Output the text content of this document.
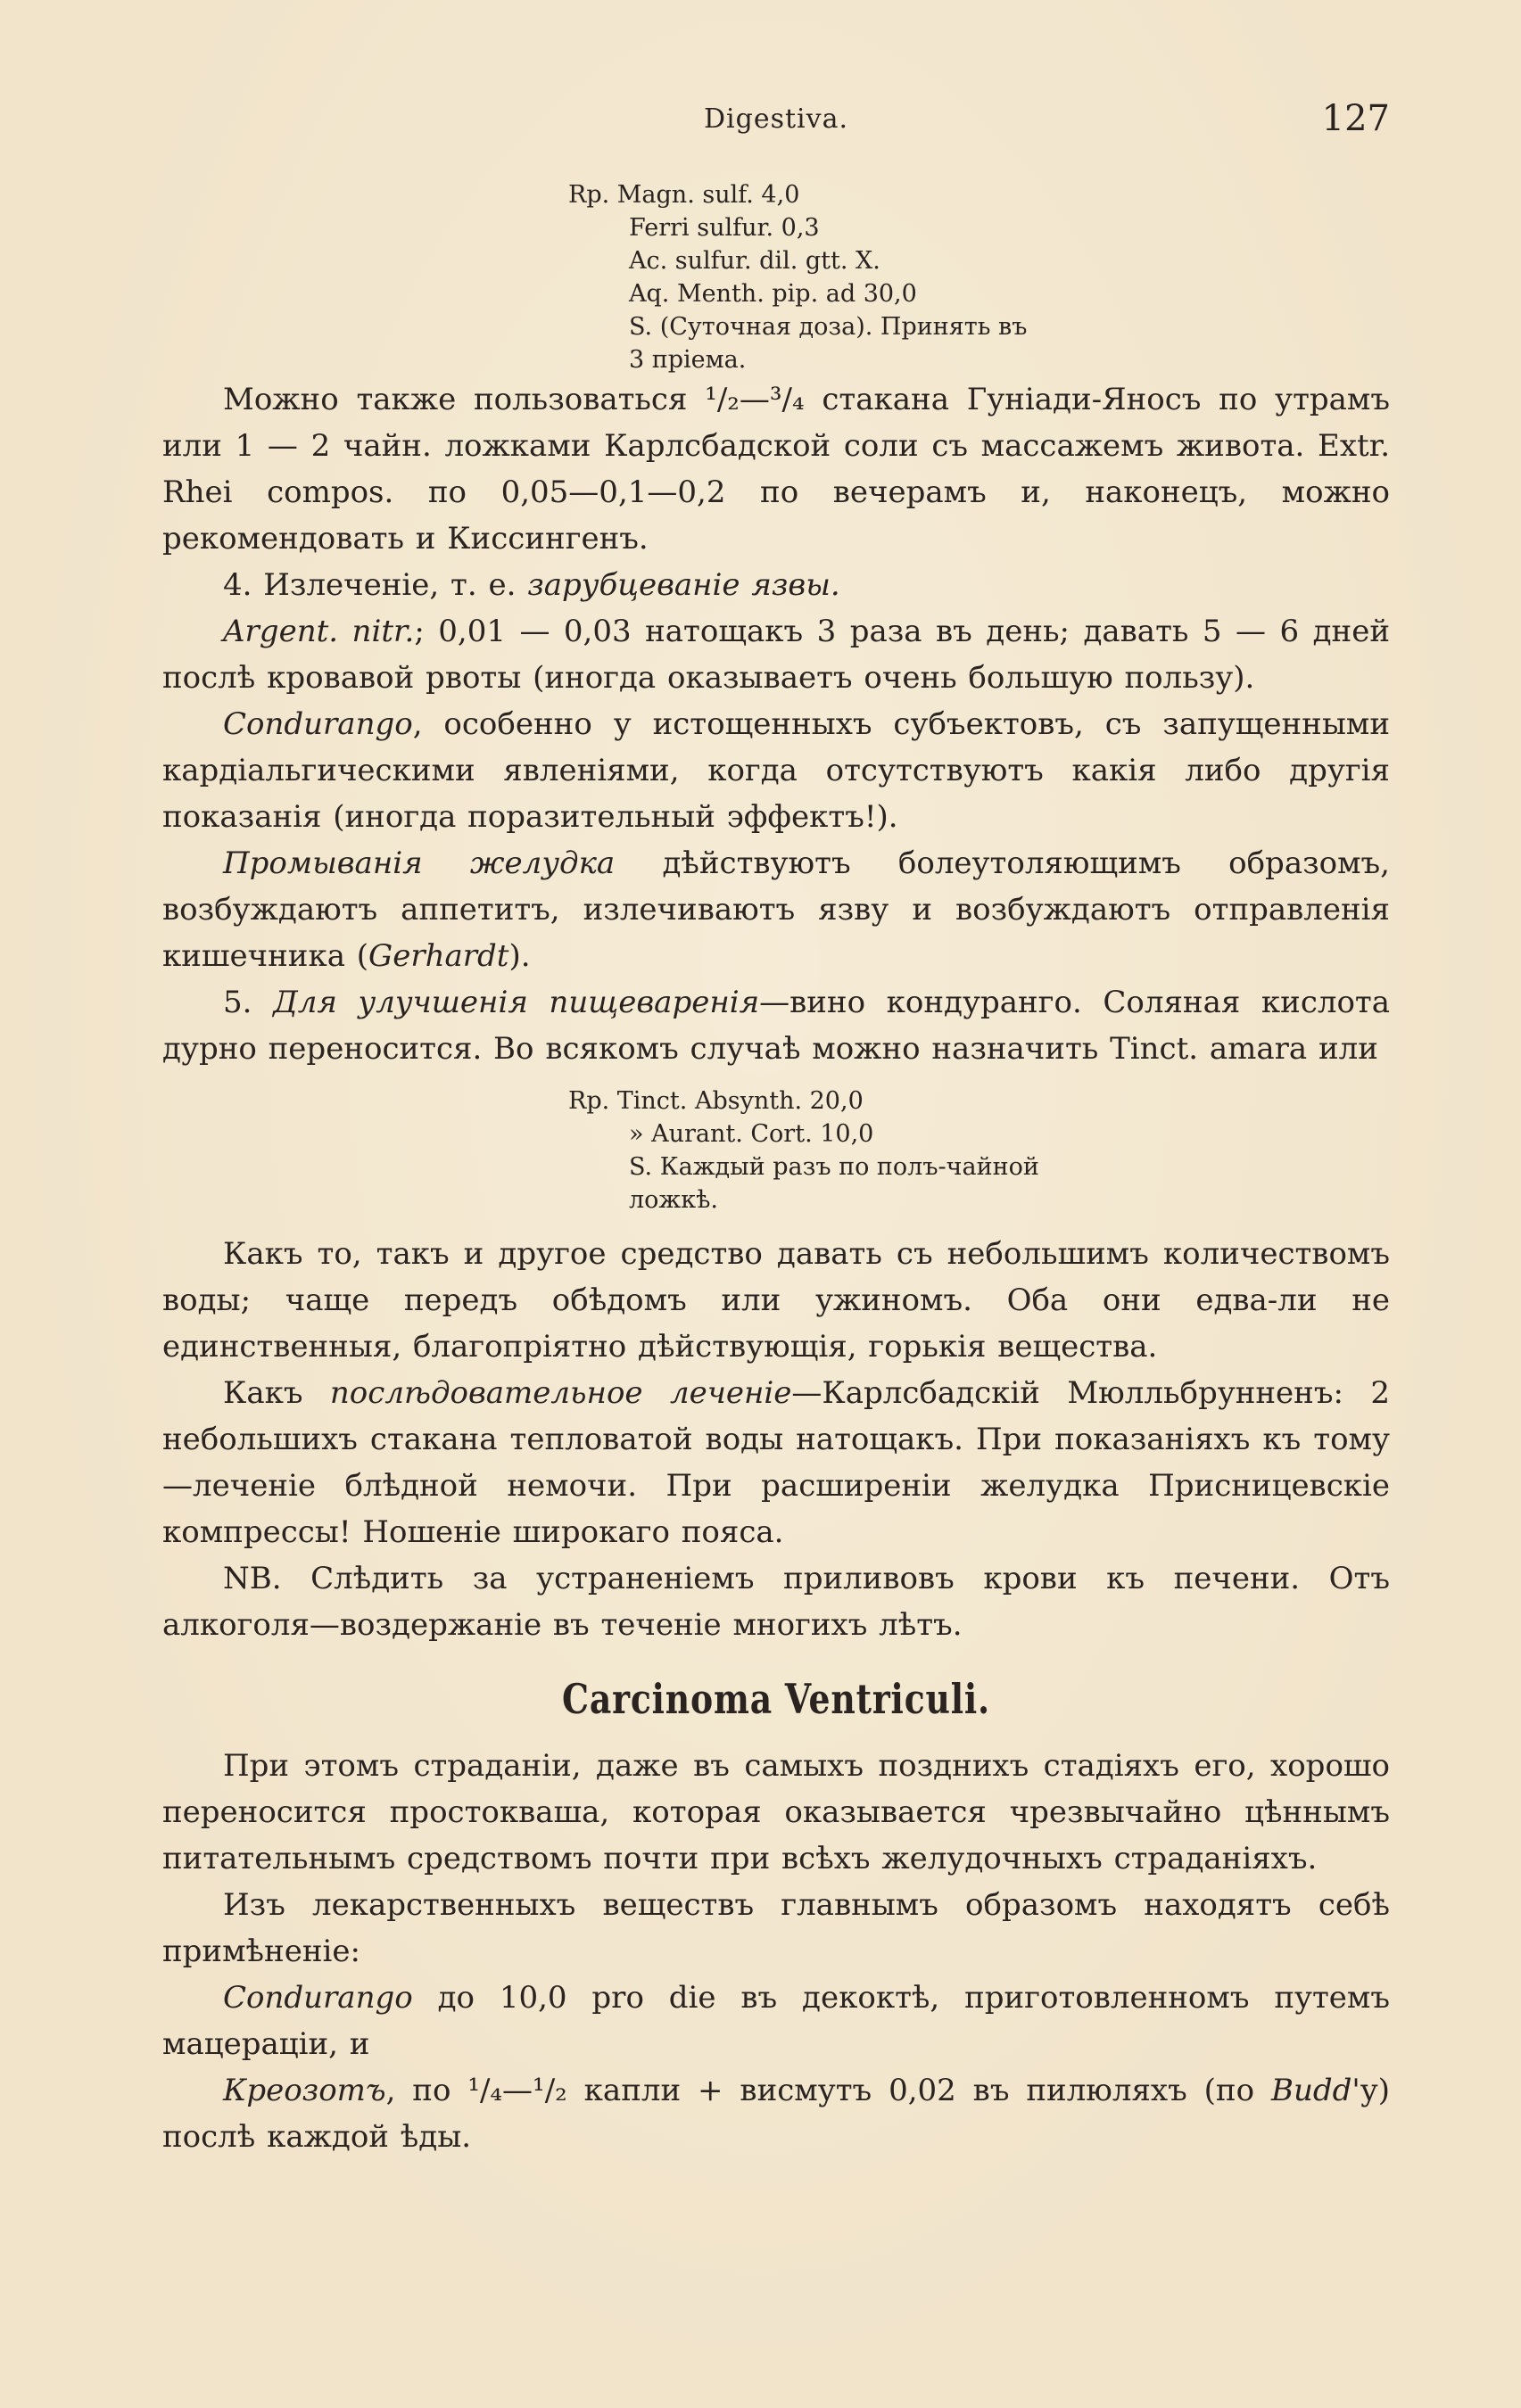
Digestiva.	127
Rp. Magn. sulf. 4,0
Ferri sulfur. 0,3
Ac. sulfur. dil. gtt. X.
Aq. Menth. pip. ad 30,0
S. (Суточная доза). Принять въ
3 пріема.

Можно также пользоваться ¹/₂—³/₄ стакана Гуніади-Яносъ по утрамъ или 1 — 2 чайн. ложками Карлсбадской соли съ массажемъ живота. Extr. Rhei compos. по 0,05—0,1—0,2 по вечерамъ и, наконецъ, можно рекомендовать и Киссингенъ.

4. Излеченіе, т. е. зарубцеваніе язвы.

Argent. nitr.; 0,01 — 0,03 натощакъ 3 раза въ день; давать 5 — 6 дней послѣ кровавой рвоты (иногда оказываетъ очень большую пользу).

Condurango, особенно у истощенныхъ субъектовъ, съ запущенными кардіальгическими явленіями, когда отсутствуютъ какія либо другія показанія (иногда поразительный эффектъ!).

Промыванія желудка дѣйствуютъ болеутоляющимъ образомъ, возбуждаютъ аппетитъ, излечиваютъ язву и возбуждаютъ отправленія кишечника (Gerhardt).

5. Для улучшенія пищеваренія—вино кондуранго. Соляная кислота дурно переносится. Во всякомъ случаѣ можно назначить Tinct. amara или

Rp. Tinct. Absynth. 20,0
» Aurant. Cort. 10,0
S. Каждый разъ по полъ-чайной
ложкѣ.

Какъ то, такъ и другое средство давать съ небольшимъ количествомъ воды; чаще передъ обѣдомъ или ужиномъ. Оба они едва-ли не единственныя, благопріятно дѣйствующія, горькія вещества.

Какъ послѣдовательное леченіе—Карлсбадскій Мюлльбрунненъ: 2 небольшихъ стакана тепловатой воды натощакъ. При показаніяхъ къ тому—леченіе блѣдной немочи. При расширеніи желудка Присницевскіе компрессы! Ношеніе широкаго пояса.

NB. Слѣдить за устраненіемъ приливовъ крови къ печени. Отъ алкоголя—воздержаніе въ теченіе многихъ лѣтъ.

Carcinoma Ventriculi.

При этомъ страданіи, даже въ самыхъ позднихъ стадіяхъ его, хорошо переносится простокваша, которая оказывается чрезвычайно цѣннымъ питательнымъ средствомъ почти при всѣхъ желудочныхъ страданіяхъ.

Изъ лекарственныхъ веществъ главнымъ образомъ находятъ себѣ примѣненіе:

Condurango до 10,0 pro die въ декоктѣ, приготовленномъ путемъ мацераціи, и

Креозотъ, по ¹/₄—¹/₂ капли + висмутъ 0,02 въ пилюляхъ (по Budd'у) послѣ каждой ѣды.
